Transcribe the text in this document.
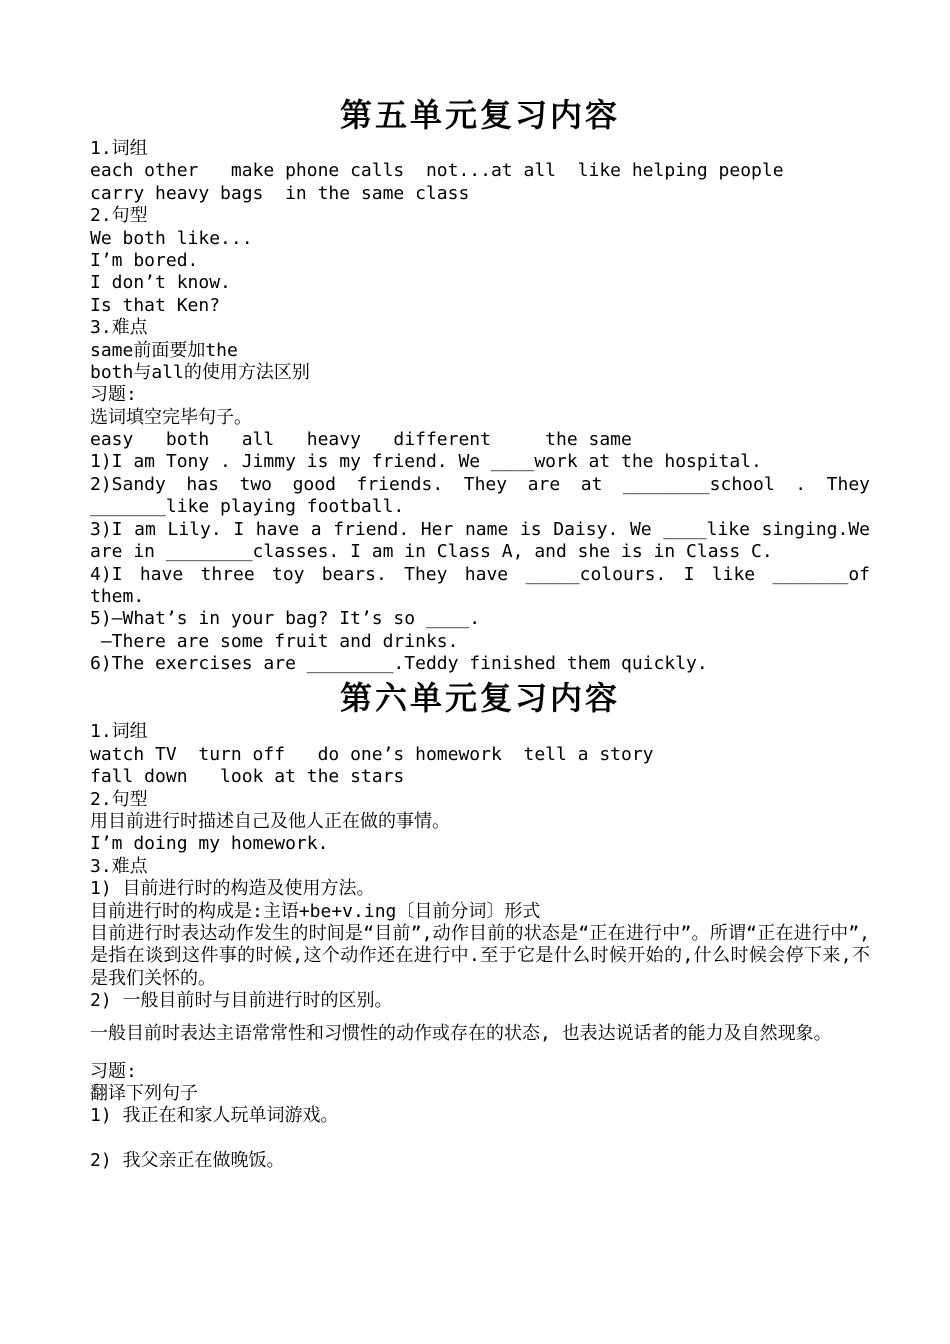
第五单元复习内容

1.词组

each other   make phone calls  not...at all  like helping people

carry heavy bags  in the same class

2.句型

We both like...

I’m bored.

I don’t know.

Is that Ken?

3.难点

same前面要加the

both与all的使用方法区别

习题:

选词填空完毕句子。

easy   both   all   heavy   different     the same

1)I am Tony . Jimmy is my friend. We ____work at the hospital.

2)Sandy has two good friends. They are at ________school . They _______like playing football.

3)I am Lily. I have a friend. Her name is Daisy. We ____like singing.We are in ________classes. I am in Class A, and she is in Class C.

4)I have three toy bears. They have _____colours. I like _______of them.

5)—What’s in your bag? It’s so ____.

—There are some fruit and drinks.

6)The exercises are ________.Teddy finished them quickly.

第六单元复习内容

1.词组

watch TV  turn off   do one’s homework  tell a story

fall down   look at the stars

2.句型

用目前进行时描述自己及他人正在做的事情。

I’m doing my homework.

3.难点

1) 目前进行时的构造及使用方法。

目前进行时的构成是:主语+be+v.ing〔目前分词〕形式

目前进行时表达动作发生的时间是“目前”,动作目前的状态是“正在进行中”。所谓“正在进行中”,是指在谈到这件事的时候,这个动作还在进行中.至于它是什么时候开始的,什么时候会停下来,不是我们关怀的。

2) 一般目前时与目前进行时的区别。

一般目前时表达主语常常性和习惯性的动作或存在的状态, 也表达说话者的能力及自然现象。

习题:

翻译下列句子

1) 我正在和家人玩单词游戏。

2) 我父亲正在做晚饭。
